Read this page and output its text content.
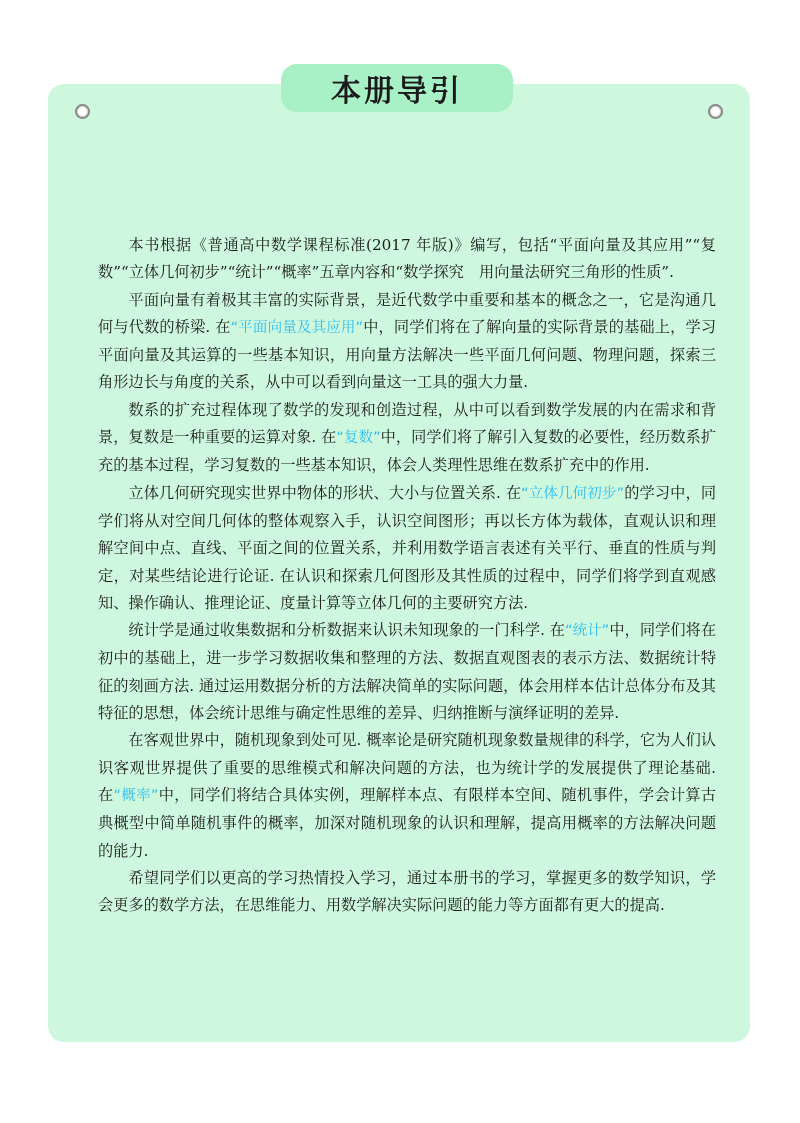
本册导引

本书根据《普通高中数学课程标准(2017 年版)》编写，包括“平面向量及其应用”“复数”“立体几何初步”“统计”“概率”五章内容和“数学探究　用向量法研究三角形的性质”.

平面向量有着极其丰富的实际背景，是近代数学中重要和基本的概念之一，它是沟通几何与代数的桥梁. 在“平面向量及其应用”中，同学们将在了解向量的实际背景的基础上，学习平面向量及其运算的一些基本知识，用向量方法解决一些平面几何问题、物理问题，探索三角形边长与角度的关系，从中可以看到向量这一工具的强大力量.

数系的扩充过程体现了数学的发现和创造过程，从中可以看到数学发展的内在需求和背景，复数是一种重要的运算对象. 在“复数”中，同学们将了解引入复数的必要性，经历数系扩充的基本过程，学习复数的一些基本知识，体会人类理性思维在数系扩充中的作用.

立体几何研究现实世界中物体的形状、大小与位置关系. 在“立体几何初步”的学习中，同学们将从对空间几何体的整体观察入手，认识空间图形；再以长方体为载体，直观认识和理解空间中点、直线、平面之间的位置关系，并利用数学语言表述有关平行、垂直的性质与判定，对某些结论进行论证. 在认识和探索几何图形及其性质的过程中，同学们将学到直观感知、操作确认、推理论证、度量计算等立体几何的主要研究方法.

统计学是通过收集数据和分析数据来认识未知现象的一门科学. 在“统计”中，同学们将在初中的基础上，进一步学习数据收集和整理的方法、数据直观图表的表示方法、数据统计特征的刻画方法. 通过运用数据分析的方法解决简单的实际问题，体会用样本估计总体分布及其特征的思想，体会统计思维与确定性思维的差异、归纳推断与演绎证明的差异.

在客观世界中，随机现象到处可见. 概率论是研究随机现象数量规律的科学，它为人们认识客观世界提供了重要的思维模式和解决问题的方法，也为统计学的发展提供了理论基础. 在“概率”中，同学们将结合具体实例，理解样本点、有限样本空间、随机事件，学会计算古典概型中简单随机事件的概率，加深对随机现象的认识和理解，提高用概率的方法解决问题的能力.

希望同学们以更高的学习热情投入学习，通过本册书的学习，掌握更多的数学知识，学会更多的数学方法，在思维能力、用数学解决实际问题的能力等方面都有更大的提高.
